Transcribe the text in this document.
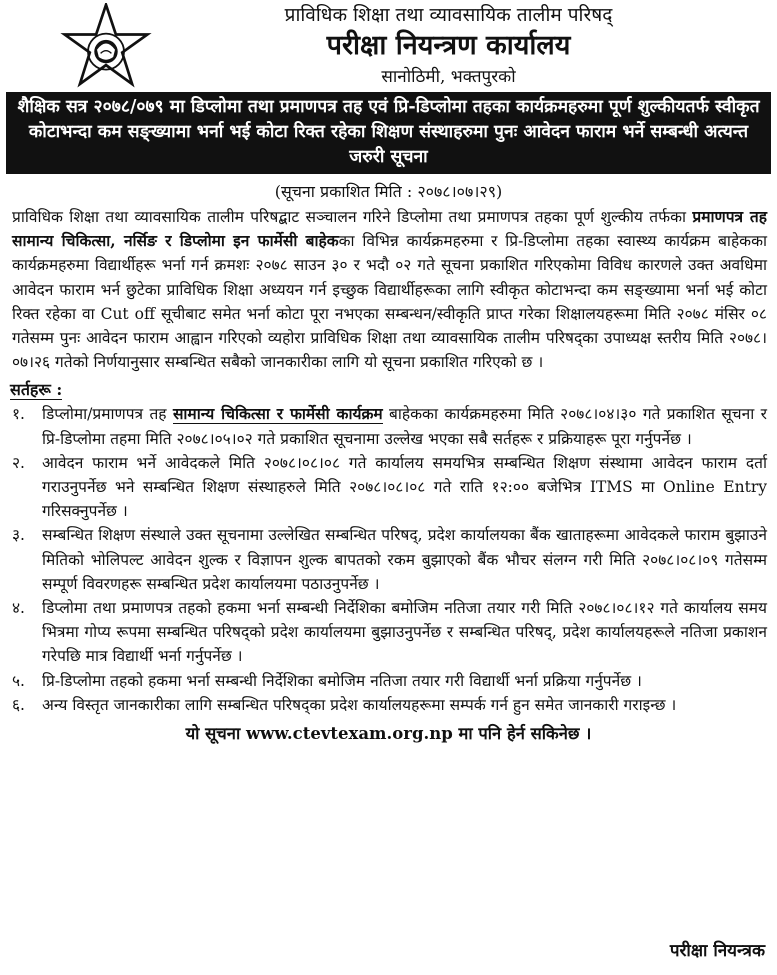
प्राविधिक शिक्षा तथा व्यावसायिक तालीम परिषद्
परीक्षा नियन्त्रण कार्यालय
सानोठिमी, भक्तपुरको
शैक्षिक सत्र २०७८/०७९ मा डिप्लोमा तथा प्रमाणपत्र तह एवं प्रि-डिप्लोमा तहका कार्यक्रमहरुमा पूर्ण शुल्कीयतर्फ स्वीकृत कोटाभन्दा कम सङ्ख्यामा भर्ना भई कोटा रिक्त रहेका शिक्षण संस्थाहरुमा पुनः आवेदन फाराम भर्ने सम्बन्धी अत्यन्त जरुरी सूचना
(सूचना प्रकाशित मिति : २०७८।०७।२९)
प्राविधिक शिक्षा तथा व्यावसायिक तालीम परिषद्बाट सञ्चालन गरिने डिप्लोमा तथा प्रमाणपत्र तहका पूर्ण शुल्कीय तर्फका प्रमाणपत्र तह सामान्य चिकित्सा, नर्सिङ र डिप्लोमा इन फार्मेसी बाहेकका विभिन्न कार्यक्रमहरुमा र प्रि-डिप्लोमा तहका स्वास्थ्य कार्यक्रम बाहेकका कार्यक्रमहरुमा विद्यार्थीहरू भर्ना गर्न क्रमशः २०७८ साउन ३० र भदौ ०२ गते सूचना प्रकाशित गरिएकोमा विविध कारणले उक्त अवधिमा आवेदन फाराम भर्न छुटेका प्राविधिक शिक्षा अध्ययन गर्न इच्छुक विद्यार्थीहरूका लागि स्वीकृत कोटाभन्दा कम सङ्ख्यामा भर्ना भई कोटा रिक्त रहेका वा Cut off सूचीबाट समेत भर्ना कोटा पूरा नभएका सम्बन्धन/स्वीकृति प्राप्त गरेका शिक्षालयहरूमा मिति २०७८ मंसिर ०८ गतेसम्म पुनः आवेदन फाराम आह्वान गरिएको व्यहोरा प्राविधिक शिक्षा तथा व्यावसायिक तालीम परिषद्का उपाध्यक्ष स्तरीय मिति २०७८।०७।२६ गतेको निर्णयानुसार सम्बन्धित सबैको जानकारीका लागि यो सूचना प्रकाशित गरिएको छ ।
सर्तहरू :
१.	डिप्लोमा/प्रमाणपत्र तह सामान्य चिकित्सा र फार्मेसी कार्यक्रम बाहेकका कार्यक्रमहरुमा मिति २०७८।०४।३० गते प्रकाशित सूचना र प्रि-डिप्लोमा तहमा मिति २०७८।०५।०२ गते प्रकाशित सूचनामा उल्लेख भएका सबै सर्तहरू र प्रक्रियाहरू पूरा गर्नुपर्नेछ ।
२.	आवेदन फाराम भर्ने आवेदकले मिति २०७८।०८।०८ गते कार्यालय समयभित्र सम्बन्धित शिक्षण संस्थामा आवेदन फाराम दर्ता गराउनुपर्नेछ भने सम्बन्धित शिक्षण संस्थाहरुले मिति २०७८।०८।०८ गते राति १२:०० बजेभित्र ITMS मा Online Entry गरिसक्नुपर्नेछ ।
३.	सम्बन्धित शिक्षण संस्थाले उक्त सूचनामा उल्लेखित सम्बन्धित परिषद्, प्रदेश कार्यालयका बैंक खाताहरूमा आवेदकले फाराम बुझाउने मितिको भोलिपल्ट आवेदन शुल्क र विज्ञापन शुल्क बापतको रकम बुझाएको बैंक भौचर संलग्न गरी मिति २०७८।०८।०९ गतेसम्म सम्पूर्ण विवरणहरू सम्बन्धित प्रदेश कार्यालयमा पठाउनुपर्नेछ ।
४.	डिप्लोमा तथा प्रमाणपत्र तहको हकमा भर्ना सम्बन्धी निर्देशिका बमोजिम नतिजा तयार गरी मिति २०७८।०८।१२ गते कार्यालय समय भित्रमा गोप्य रूपमा सम्बन्धित परिषद्को प्रदेश कार्यालयमा बुझाउनुपर्नेछ र सम्बन्धित परिषद्, प्रदेश कार्यालयहरूले नतिजा प्रकाशन गरेपछि मात्र विद्यार्थी भर्ना गर्नुपर्नेछ ।
५.	प्रि-डिप्लोमा तहको हकमा भर्ना सम्बन्धी निर्देशिका बमोजिम नतिजा तयार गरी विद्यार्थी भर्ना प्रक्रिया गर्नुपर्नेछ ।
६.	अन्य विस्तृत जानकारीका लागि सम्बन्धित परिषद्का प्रदेश कार्यालयहरूमा सम्पर्क गर्न हुन समेत जानकारी गराइन्छ ।
यो सूचना www.ctevtexam.org.np मा पनि हेर्न सकिनेछ ।
परीक्षा नियन्त्रक
